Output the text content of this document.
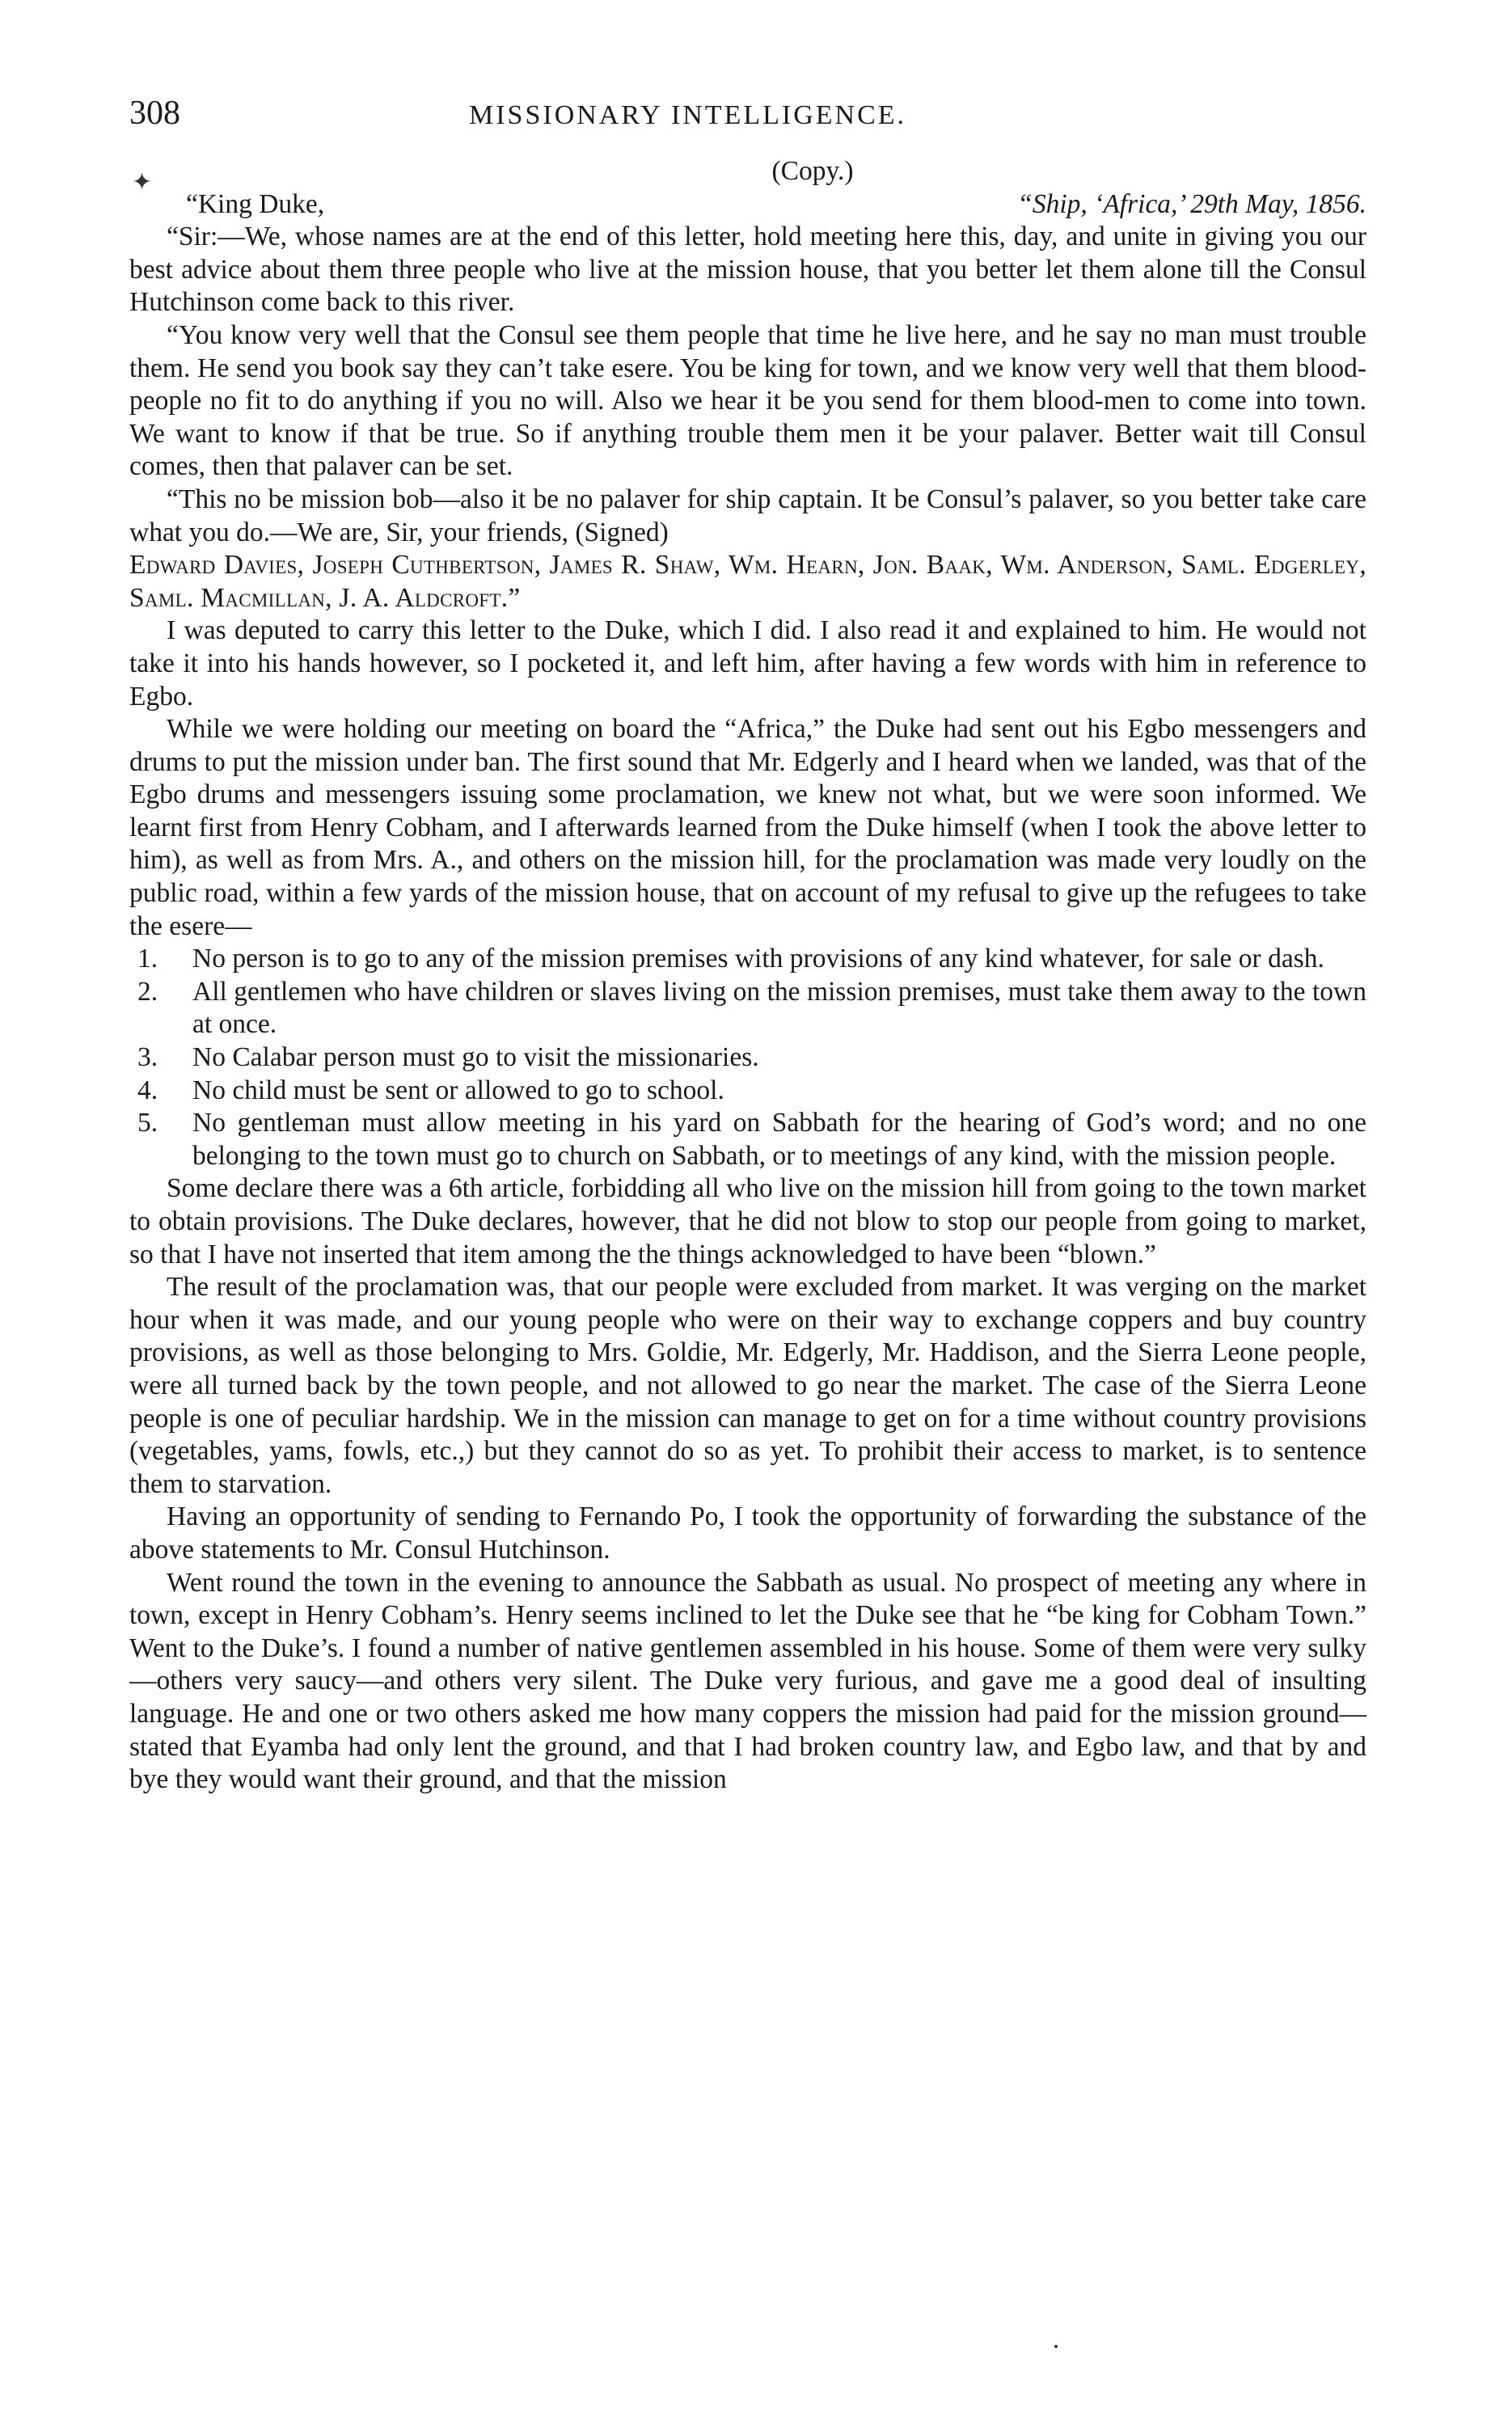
✦
308	MISSIONARY INTELLIGENCE.
(Copy.)
“King Duke,	“Ship, ‘Africa,’ 29th May, 1856.

“Sir:—We, whose names are at the end of this letter, hold meeting here this, day, and unite in giving you our best advice about them three people who live at the mission house, that you better let them alone till the Consul Hutchinson come back to this river.

“You know very well that the Consul see them people that time he live here, and he say no man must trouble them. He send you book say they can’t take esere. You be king for town, and we know very well that them blood-people no fit to do anything if you no will. Also we hear it be you send for them blood-men to come into town. We want to know if that be true. So if anything trouble them men it be your palaver. Better wait till Consul comes, then that palaver can be set.

“This no be mission bob—also it be no palaver for ship captain. It be Consul’s palaver, so you better take care what you do.—We are, Sir, your friends, (Signed)

Edward Davies, Joseph Cuthbertson, James R. Shaw, Wm. Hearn, Jon. Baak, Wm. Anderson, Saml. Edgerley, Saml. Macmillan, J. A. Aldcroft.”

I was deputed to carry this letter to the Duke, which I did. I also read it and explained to him. He would not take it into his hands however, so I pocketed it, and left him, after having a few words with him in reference to Egbo.

While we were holding our meeting on board the “Africa,” the Duke had sent out his Egbo messengers and drums to put the mission under ban. The first sound that Mr. Edgerly and I heard when we landed, was that of the Egbo drums and messengers issuing some proclamation, we knew not what, but we were soon informed. We learnt first from Henry Cobham, and I afterwards learned from the Duke himself (when I took the above letter to him), as well as from Mrs. A., and others on the mission hill, for the proclamation was made very loudly on the public road, within a few yards of the mission house, that on account of my refusal to give up the refugees to take the esere—

1. No person is to go to any of the mission premises with provisions of any kind whatever, for sale or dash.
2. All gentlemen who have children or slaves living on the mission premises, must take them away to the town at once.
3. No Calabar person must go to visit the missionaries.
4. No child must be sent or allowed to go to school.
5. No gentleman must allow meeting in his yard on Sabbath for the hearing of God’s word; and no one belonging to the town must go to church on Sabbath, or to meetings of any kind, with the mission people.

Some declare there was a 6th article, forbidding all who live on the mission hill from going to the town market to obtain provisions. The Duke declares, however, that he did not blow to stop our people from going to market, so that I have not inserted that item among the the things acknowledged to have been “blown.”

The result of the proclamation was, that our people were excluded from market. It was verging on the market hour when it was made, and our young people who were on their way to exchange coppers and buy country provisions, as well as those belonging to Mrs. Goldie, Mr. Edgerly, Mr. Haddison, and the Sierra Leone people, were all turned back by the town people, and not allowed to go near the market. The case of the Sierra Leone people is one of peculiar hardship. We in the mission can manage to get on for a time without country provisions (vegetables, yams, fowls, etc.,) but they cannot do so as yet. To prohibit their access to market, is to sentence them to starvation.

Having an opportunity of sending to Fernando Po, I took the opportunity of forwarding the substance of the above statements to Mr. Consul Hutchinson.

Went round the town in the evening to announce the Sabbath as usual. No prospect of meeting any where in town, except in Henry Cobham’s. Henry seems inclined to let the Duke see that he “be king for Cobham Town.” Went to the Duke’s. I found a number of native gentlemen assembled in his house. Some of them were very sulky—others very saucy—and others very silent. The Duke very furious, and gave me a good deal of insulting language. He and one or two others asked me how many coppers the mission had paid for the mission ground—stated that Eyamba had only lent the ground, and that I had broken country law, and Egbo law, and that by and bye they would want their ground, and that the mission
